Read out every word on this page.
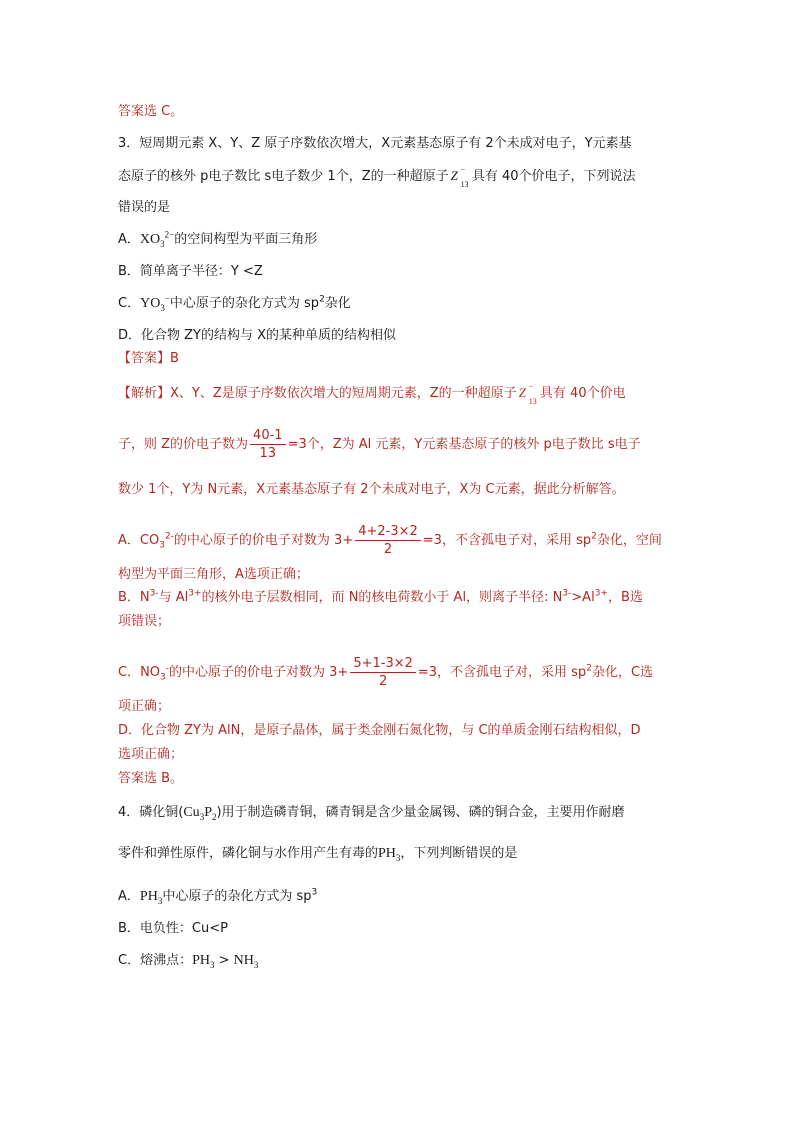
答案选 C。
3．短周期元素 X、Y、Z 原子序数依次增大，X元素基态原子有 2个未成对电子，Y元素基
态原子的核外 p电子数比 s电子数少 1个，Z的一种超原子 Z −
13
具有 40个价电子，下列说法
错误的是
A．$XO_3^{2-}$的空间构型为平面三角形
B．简单离子半径：Y <Z
C．$YO_3^-$中心原子的杂化方式为 $sp^2$杂化
D．化合物 ZY的结构与 X的某种单质的结构相似
【答案】B
【解析】X、Y、Z是原子序数依次增大的短周期元素，Z的一种超原子 Z −
13
具有 40个价电
子，则 Z的价电子数为 $\frac{40-1}{13} =3$个，Z为 Al 元素，Y元素基态原子的核外 p电子数比 s电子
数少 1个，Y为 N元素，X元素基态原子有 2个未成对电子，X为 C元素，据此分析解答。
A．$CO_3^{2-}$的中心原子的价电子对数为 $3+ \frac{4+2-3\times 2}{2} =3$，不含孤电子对，采用 $sp^2$杂化，空间
构型为平面三角形，A选项正确；
B．$N^{3-}$与 $Al^{3+}$的核外电子层数相同，而 N的核电荷数小于 Al，则离子半径: $N^{3-}>Al^{3+}$，B选
项错误；
C．$NO_3^-$的中心原子的价电子对数为 $3+ \frac{5+1-3\times 2}{2} =3$，不含孤电子对，采用 $sp^2$杂化，C选
项正确；
D．化合物 ZY为 AlN，是原子晶体，属于类金刚石氮化物，与 C的单质金刚石结构相似，D
选项正确；
答案选 B。
4．磷化铜$(Cu_3P_2)$用于制造磷青铜，磷青铜是含少量金属锡、磷的铜合金，主要用作耐磨
零件和弹性原件，磷化铜与水作用产生有毒的$PH_3$，下列判断错误的是
A．$PH_3$中心原子的杂化方式为 $sp^3$
B．电负性：Cu<P
C．熔沸点：$PH_3 > NH_3$
